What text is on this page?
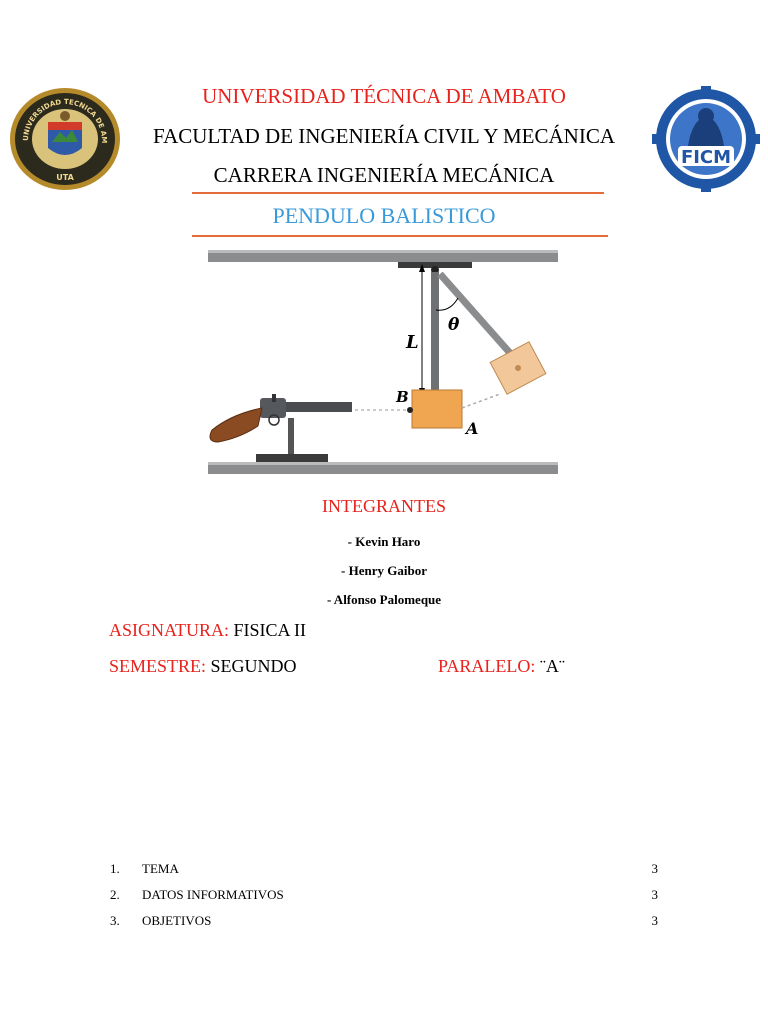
UNIVERSIDAD TECNICA DE AM
UTA
FICM
UNIVERSIDAD TÉCNICA DE AMBATO
FACULTAD DE INGENIERÍA CIVIL Y MECÁNICA
CARRERA INGENIERÍA MECÁNICA
PENDULO BALISTICO
L
θ
B
A
INTEGRANTES
- Kevin Haro
- Henry Gaibor
- Alfonso Palomeque
ASIGNATURA: FISICA II
SEMESTRE: SEGUNDO	PARALELO: ¨A¨
1. TEMA	3
2. DATOS INFORMATIVOS	3
3. OBJETIVOS	3
